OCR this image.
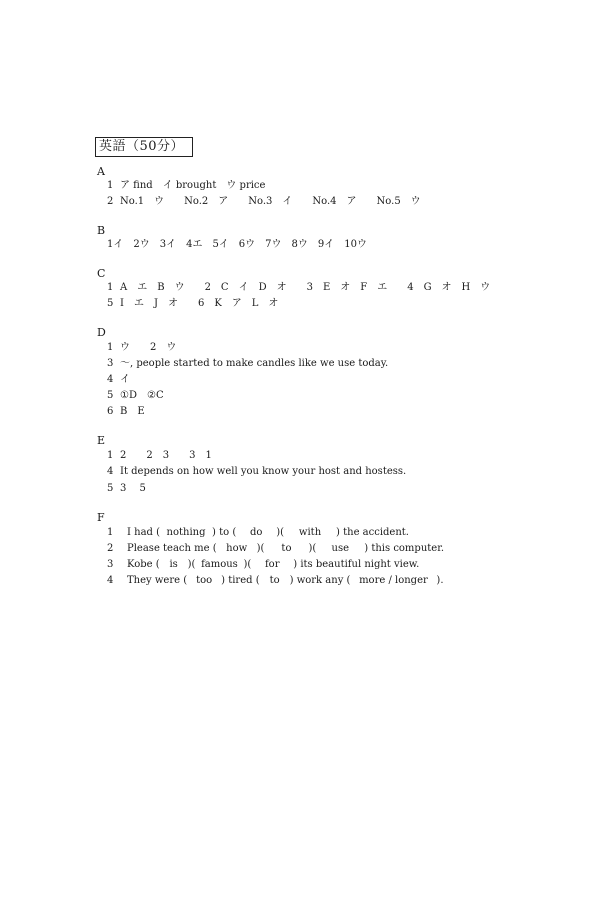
英語（50分）
A
1 ア find　イ brought　ウ price
2 No.1　ウ　　No.2　ア　　No.3　イ　　No.4　ア　　No.5　ウ
B
1イ　2ウ　3イ　4エ　5イ　6ウ　7ウ　8ウ　9イ　10ウ
C
1 A　エ　B　ウ　　2　C　イ　D　オ　　3　E　オ　F　エ　　4　G　オ　H　ウ
5 I　エ　J　オ　　6　K　ア　L　オ
D
1 ウ　　2　ウ
3 ～, people started to make candles like we use today.
4 イ
5 ①D　②C
6 B　E
E
1 2　　2　3　　3　1
4 It depends on how well you know your host and hostess.
5 3　 5
F
1 I had ( nothing ) to ( do )( with ) the accident.
2 Please teach me ( how )( to )( use ) this computer.
3 Kobe ( is )( famous )( for ) its beautiful night view.
4 They were ( too ) tired ( to ) work any ( more / longer ).
